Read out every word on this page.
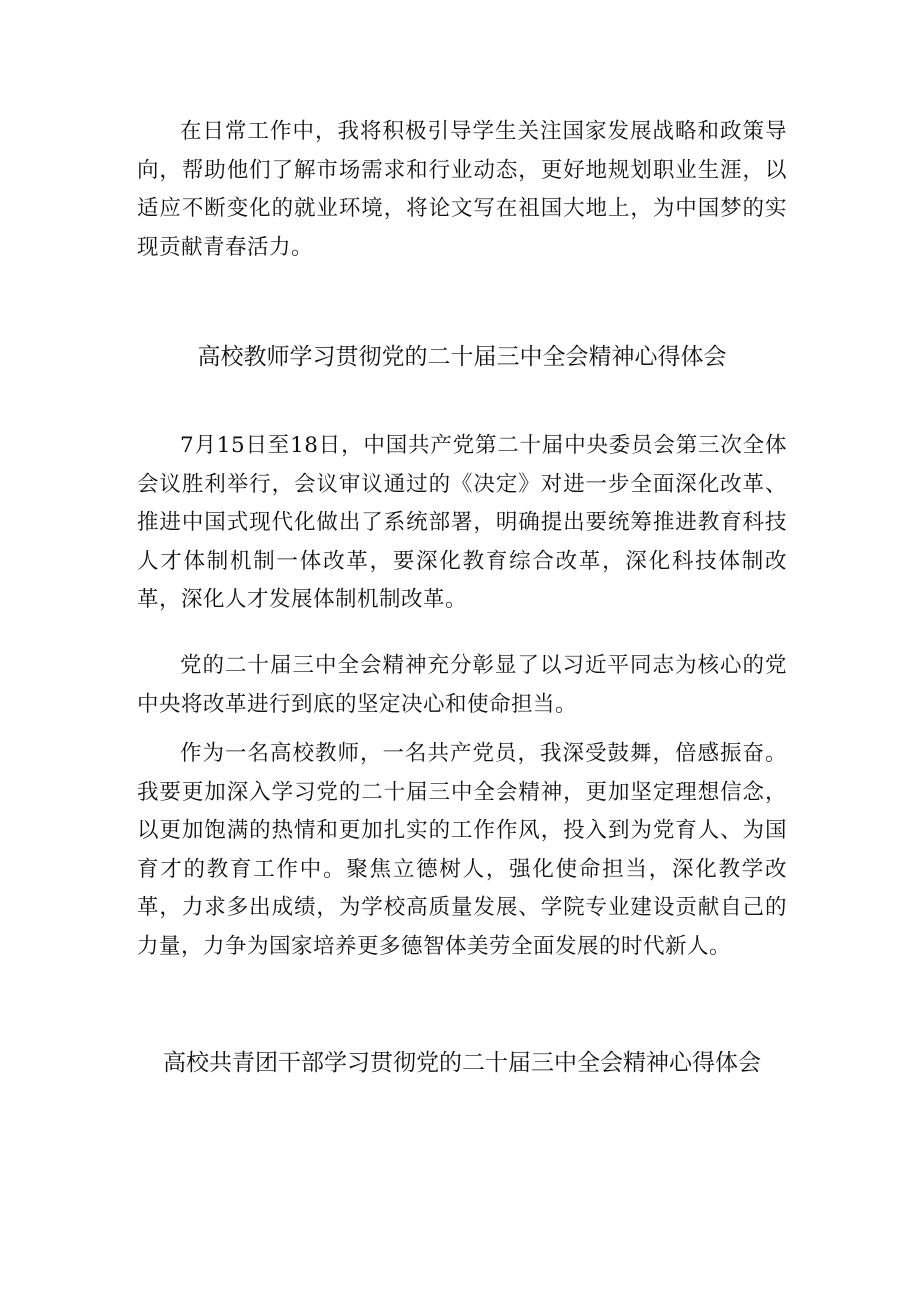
在日常工作中，我将积极引导学生关注国家发展战略和政策导向，帮助他们了解市场需求和行业动态，更好地规划职业生涯，以适应不断变化的就业环境，将论文写在祖国大地上，为中国梦的实现贡献青春活力。

高校教师学习贯彻党的二十届三中全会精神心得体会

7月15日至18日，中国共产党第二十届中央委员会第三次全体会议胜利举行，会议审议通过的《决定》对进一步全面深化改革、推进中国式现代化做出了系统部署，明确提出要统筹推进教育科技人才体制机制一体改革，要深化教育综合改革，深化科技体制改革，深化人才发展体制机制改革。

党的二十届三中全会精神充分彰显了以习近平同志为核心的党中央将改革进行到底的坚定决心和使命担当。

作为一名高校教师，一名共产党员，我深受鼓舞，倍感振奋。我要更加深入学习党的二十届三中全会精神，更加坚定理想信念，以更加饱满的热情和更加扎实的工作作风，投入到为党育人、为国育才的教育工作中。聚焦立德树人，强化使命担当，深化教学改革，力求多出成绩，为学校高质量发展、学院专业建设贡献自己的力量，力争为国家培养更多德智体美劳全面发展的时代新人。

高校共青团干部学习贯彻党的二十届三中全会精神心得体会
